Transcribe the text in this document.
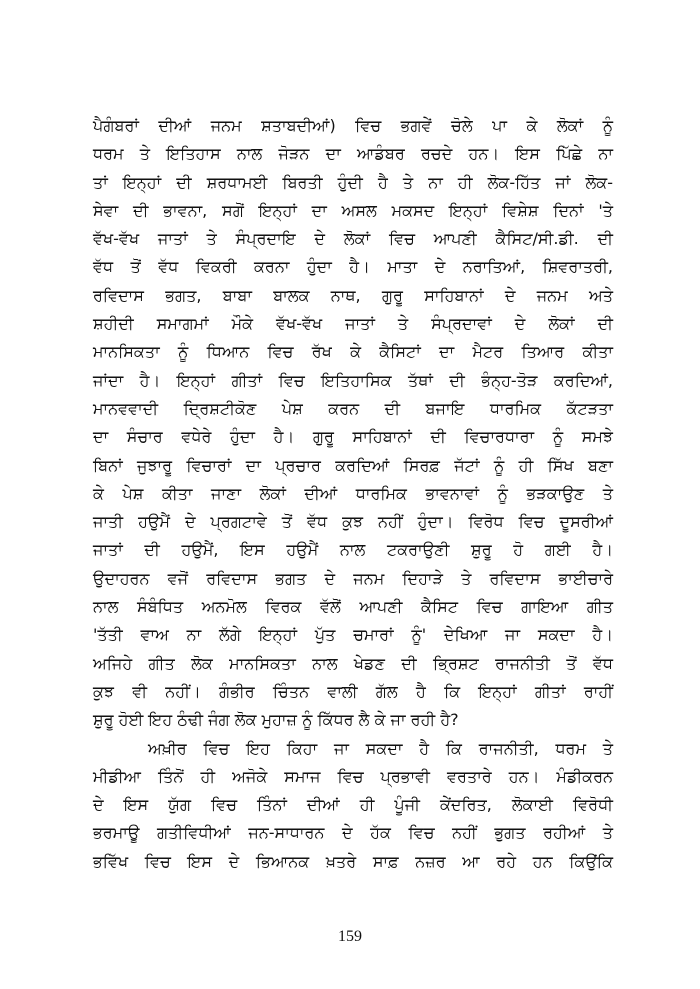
ਪੈਗੰਬਰਾਂ ਦੀਆਂ ਜਨਮ ਸ਼ਤਾਬਦੀਆਂ) ਵਿਚ ਭਗਵੇਂ ਚੋਲੇ ਪਾ ਕੇ ਲੋਕਾਂ ਨੂੰ
ਧਰਮ ਤੇ ਇਤਿਹਾਸ ਨਾਲ ਜੋੜਨ ਦਾ ਆਡੰਬਰ ਰਚਦੇ ਹਨ। ਇਸ ਪਿੱਛੇ ਨਾ
ਤਾਂ ਇਨ੍ਹਾਂ ਦੀ ਸ਼ਰਧਾਮਈ ਬਿਰਤੀ ਹੁੰਦੀ ਹੈ ਤੇ ਨਾ ਹੀ ਲੋਕ-ਹਿੱਤ ਜਾਂ ਲੋਕ-
ਸੇਵਾ ਦੀ ਭਾਵਨਾ, ਸਗੋਂ ਇਨ੍ਹਾਂ ਦਾ ਅਸਲ ਮਕਸਦ ਇਨ੍ਹਾਂ ਵਿਸ਼ੇਸ਼ ਦਿਨਾਂ 'ਤੇ
ਵੱਖ-ਵੱਖ ਜਾਤਾਂ ਤੇ ਸੰਪ੍ਰਦਾਇ ਦੇ ਲੋਕਾਂ ਵਿਚ ਆਪਣੀ ਕੈਸਿਟ/ਸੀ.ਡੀ. ਦੀ
ਵੱਧ ਤੋਂ ਵੱਧ ਵਿਕਰੀ ਕਰਨਾ ਹੁੰਦਾ ਹੈ। ਮਾਤਾ ਦੇ ਨਰਾਤਿਆਂ, ਸ਼ਿਵਰਾਤਰੀ,
ਰਵਿਦਾਸ ਭਗਤ, ਬਾਬਾ ਬਾਲਕ ਨਾਥ, ਗੁਰੂ ਸਾਹਿਬਾਨਾਂ ਦੇ ਜਨਮ ਅਤੇ
ਸ਼ਹੀਦੀ ਸਮਾਗਮਾਂ ਮੌਕੇ ਵੱਖ-ਵੱਖ ਜਾਤਾਂ ਤੇ ਸੰਪ੍ਰਦਾਵਾਂ ਦੇ ਲੋਕਾਂ ਦੀ
ਮਾਨਸਿਕਤਾ ਨੂੰ ਧਿਆਨ ਵਿਚ ਰੱਖ ਕੇ ਕੈਸਿਟਾਂ ਦਾ ਮੈਟਰ ਤਿਆਰ ਕੀਤਾ
ਜਾਂਦਾ ਹੈ। ਇਨ੍ਹਾਂ ਗੀਤਾਂ ਵਿਚ ਇਤਿਹਾਸਿਕ ਤੱਥਾਂ ਦੀ ਭੰਨ੍ਹ-ਤੋੜ ਕਰਦਿਆਂ,
ਮਾਨਵਵਾਦੀ ਦ੍ਰਿਸ਼ਟੀਕੋਣ ਪੇਸ਼ ਕਰਨ ਦੀ ਬਜਾਇ ਧਾਰਮਿਕ ਕੱਟੜਤਾ
ਦਾ ਸੰਚਾਰ ਵਧੇਰੇ ਹੁੰਦਾ ਹੈ। ਗੁਰੂ ਸਾਹਿਬਾਨਾਂ ਦੀ ਵਿਚਾਰਧਾਰਾ ਨੂੰ ਸਮਝੇ
ਬਿਨਾਂ ਜੁਝਾਰੂ ਵਿਚਾਰਾਂ ਦਾ ਪ੍ਰਚਾਰ ਕਰਦਿਆਂ ਸਿਰਫ਼ ਜੱਟਾਂ ਨੂੰ ਹੀ ਸਿੱਖ ਬਣਾ
ਕੇ ਪੇਸ਼ ਕੀਤਾ ਜਾਣਾ ਲੋਕਾਂ ਦੀਆਂ ਧਾਰਮਿਕ ਭਾਵਨਾਵਾਂ ਨੂੰ ਭੜਕਾਉਣ ਤੇ
ਜਾਤੀ ਹਉਮੈਂ ਦੇ ਪ੍ਰਗਟਾਵੇ ਤੋਂ ਵੱਧ ਕੁਝ ਨਹੀਂ ਹੁੰਦਾ। ਵਿਰੋਧ ਵਿਚ ਦੂਸਰੀਆਂ
ਜਾਤਾਂ ਦੀ ਹਉਮੈਂ, ਇਸ ਹਉਮੈਂ ਨਾਲ ਟਕਰਾਉਣੀ ਸ਼ੁਰੂ ਹੋ ਗਈ ਹੈ।
ਉਦਾਹਰਨ ਵਜੋਂ ਰਵਿਦਾਸ ਭਗਤ ਦੇ ਜਨਮ ਦਿਹਾੜੇ ਤੇ ਰਵਿਦਾਸ ਭਾਈਚਾਰੇ
ਨਾਲ ਸੰਬੰਧਿਤ ਅਨਮੋਲ ਵਿਰਕ ਵੱਲੋਂ ਆਪਣੀ ਕੈਸਿਟ ਵਿਚ ਗਾਇਆ ਗੀਤ
'ਤੱਤੀ ਵਾਅ ਨਾ ਲੱਗੇ ਇਨ੍ਹਾਂ ਪੁੱਤ ਚਮਾਰਾਂ ਨੂੰ' ਦੇਖਿਆ ਜਾ ਸਕਦਾ ਹੈ।
ਅਜਿਹੇ ਗੀਤ ਲੋਕ ਮਾਨਸਿਕਤਾ ਨਾਲ ਖੇਡਣ ਦੀ ਭ੍ਰਿਸ਼ਟ ਰਾਜਨੀਤੀ ਤੋਂ ਵੱਧ
ਕੁਝ ਵੀ ਨਹੀਂ। ਗੰਭੀਰ ਚਿੰਤਨ ਵਾਲੀ ਗੱਲ ਹੈ ਕਿ ਇਨ੍ਹਾਂ ਗੀਤਾਂ ਰਾਹੀਂ
ਸ਼ੁਰੂ ਹੋਈ ਇਹ ਠੰਢੀ ਜੰਗ ਲੋਕ ਮੁਹਾਜ਼ ਨੂੰ ਕਿੱਧਰ ਲੈ ਕੇ ਜਾ ਰਹੀ ਹੈ?
ਅਖ਼ੀਰ ਵਿਚ ਇਹ ਕਿਹਾ ਜਾ ਸਕਦਾ ਹੈ ਕਿ ਰਾਜਨੀਤੀ, ਧਰਮ ਤੇ
ਮੀਡੀਆ ਤਿੰਨੋਂ ਹੀ ਅਜੋਕੇ ਸਮਾਜ ਵਿਚ ਪ੍ਰਭਾਵੀ ਵਰਤਾਰੇ ਹਨ। ਮੰਡੀਕਰਨ
ਦੇ ਇਸ ਯੁੱਗ ਵਿਚ ਤਿੰਨਾਂ ਦੀਆਂ ਹੀ ਪੂੰਜੀ ਕੇਂਦਰਿਤ, ਲੋਕਾਈ ਵਿਰੋਧੀ
ਭਰਮਾਊ ਗਤੀਵਿਧੀਆਂ ਜਨ-ਸਾਧਾਰਨ ਦੇ ਹੱਕ ਵਿਚ ਨਹੀਂ ਭੁਗਤ ਰਹੀਆਂ ਤੇ
ਭਵਿੱਖ ਵਿਚ ਇਸ ਦੇ ਭਿਆਨਕ ਖ਼ਤਰੇ ਸਾਫ਼ ਨਜ਼ਰ ਆ ਰਹੇ ਹਨ ਕਿਉਂਕਿ
159
